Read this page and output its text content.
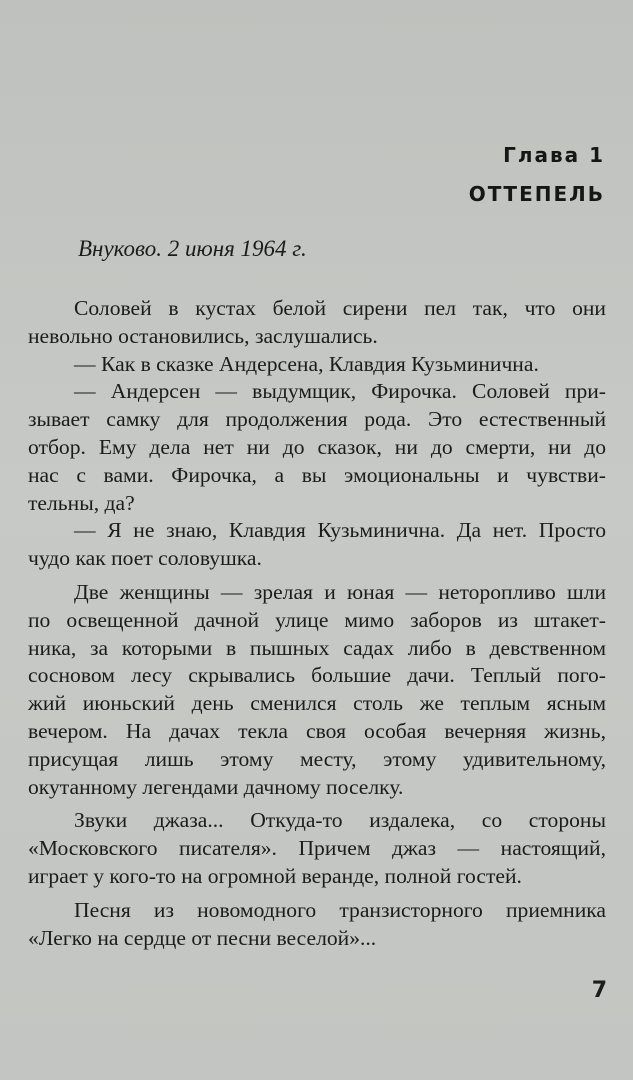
Глава 1
ОТТЕПЕЛЬ
Внуково. 2 июня 1964 г.
Соловей в кустах белой сирени пел так, что они
невольно остановились, заслушались.
— Как в сказке Андерсена, Клавдия Кузьминична.
— Андерсен — выдумщик, Фирочка. Соловей при-
зывает самку для продолжения рода. Это естественный
отбор. Ему дела нет ни до сказок, ни до смерти, ни до
нас с вами. Фирочка, а вы эмоциональны и чувстви-
тельны, да?
— Я не знаю, Клавдия Кузьминична. Да нет. Просто
чудо как поет соловушка.
Две женщины — зрелая и юная — неторопливо шли
по освещенной дачной улице мимо заборов из штакет-
ника, за которыми в пышных садах либо в девственном
сосновом лесу скрывались большие дачи. Теплый пого-
жий июньский день сменился столь же теплым ясным
вечером. На дачах текла своя особая вечерняя жизнь,
присущая лишь этому месту, этому удивительному,
окутанному легендами дачному поселку.
Звуки джаза... Откуда-то издалека, со стороны
«Московского писателя». Причем джаз — настоящий,
играет у кого-то на огромной веранде, полной гостей.
Песня из новомодного транзисторного приемника
«Легко на сердце от песни веселой»...
7
